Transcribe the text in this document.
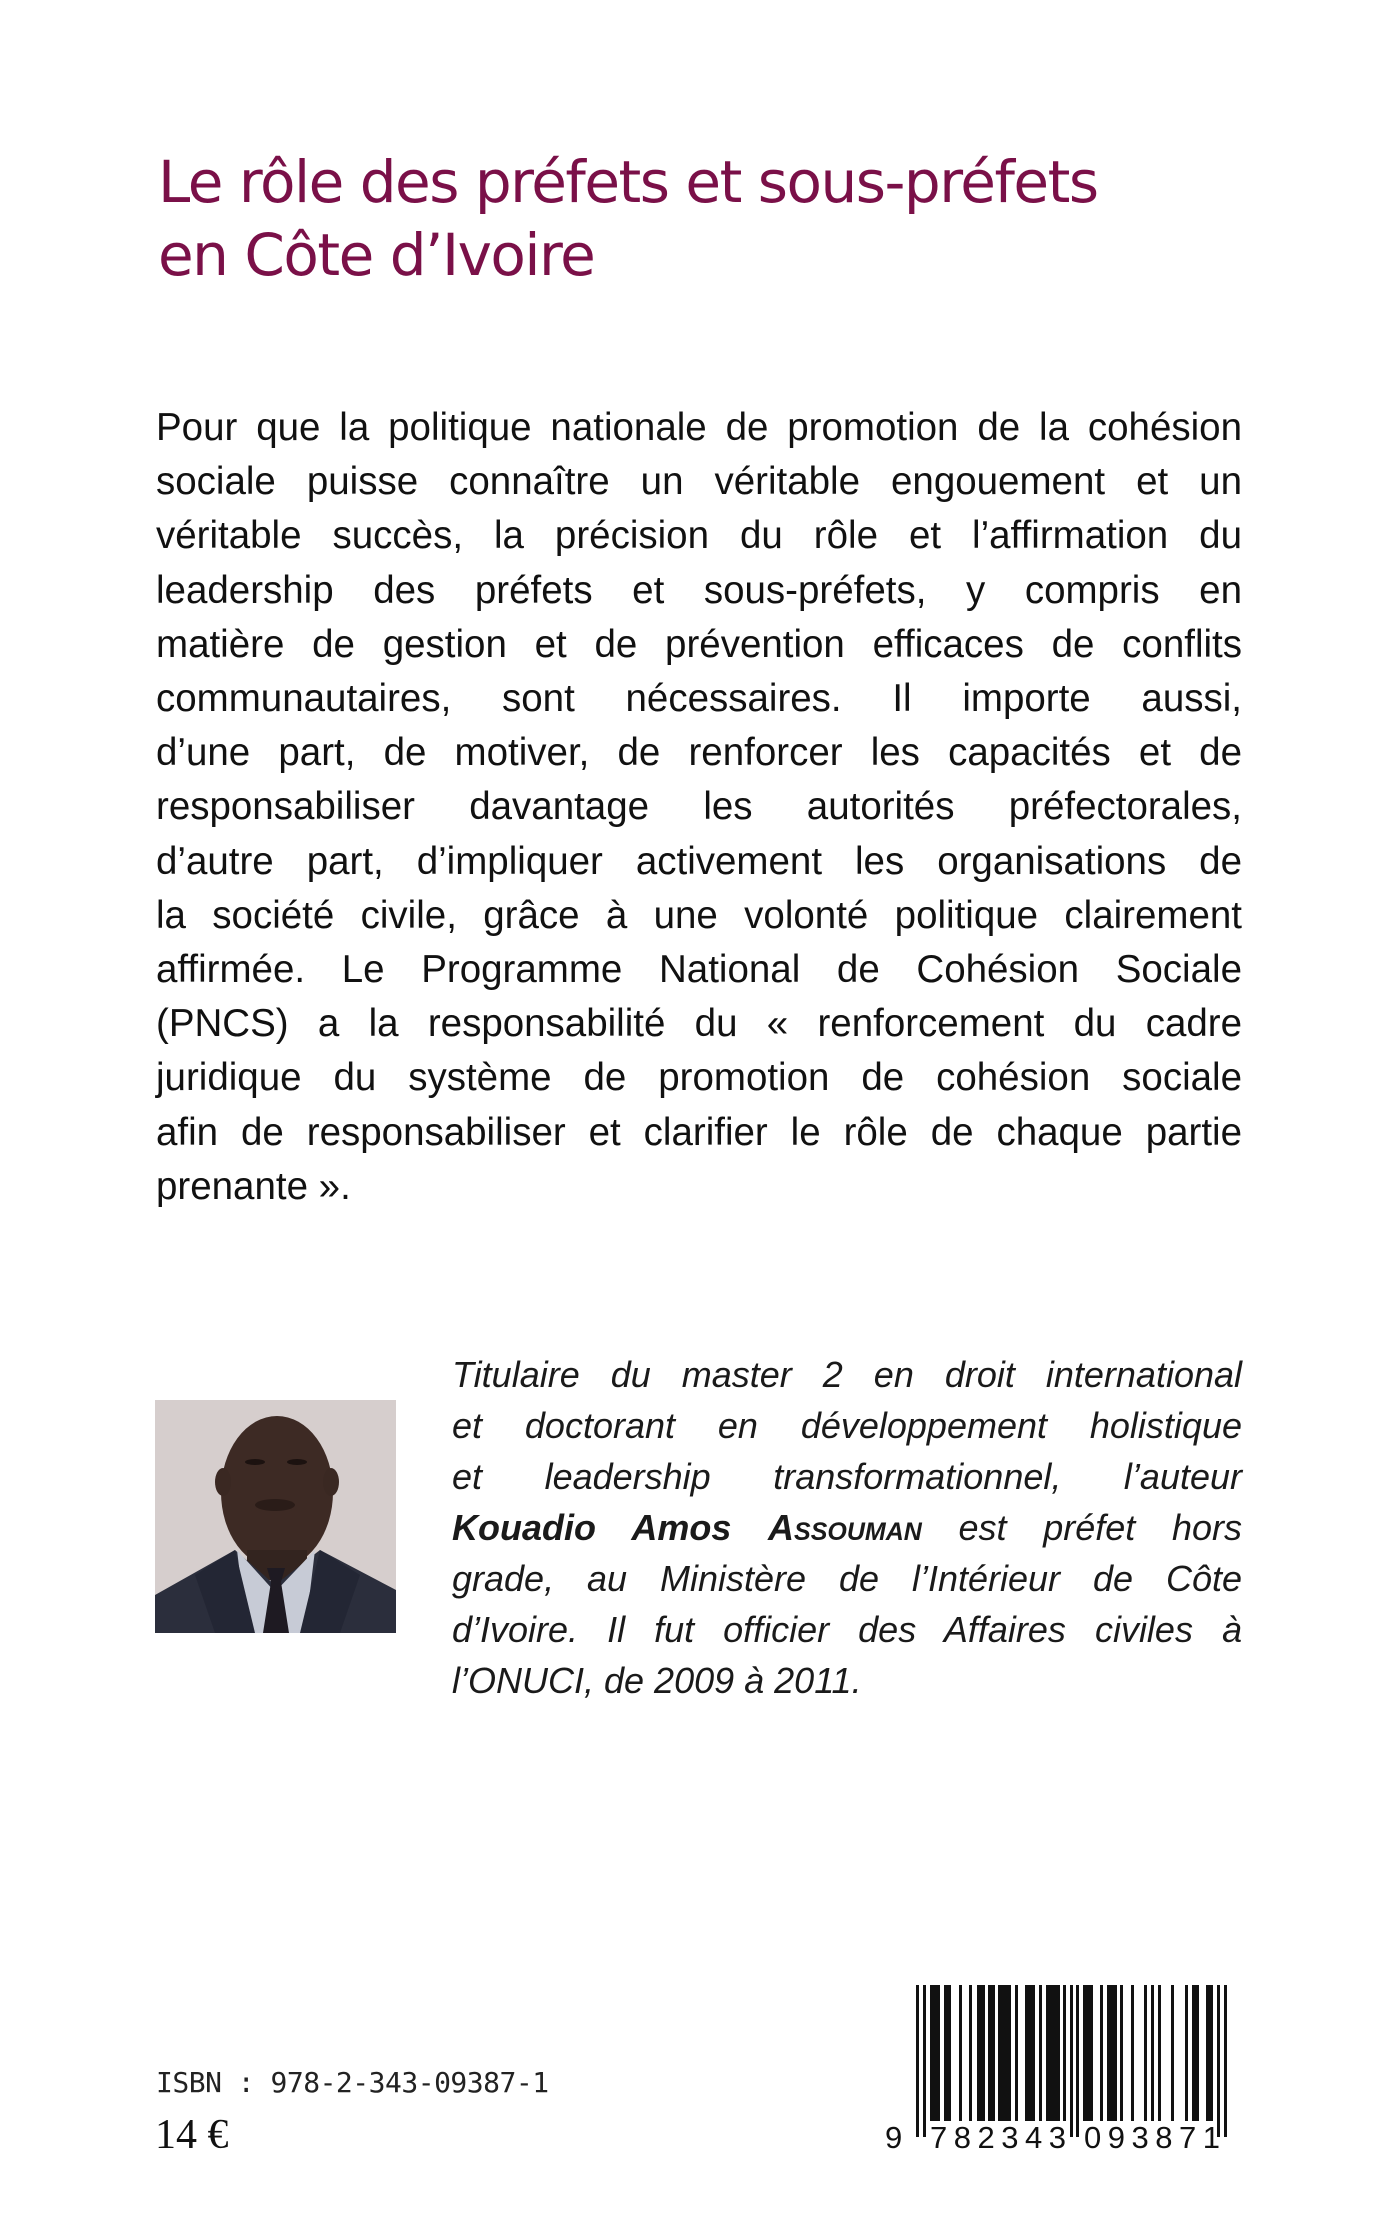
Le rôle des préfets et sous-préfets
en Côte d’Ivoire
Pour que la politique nationale de promotion de la cohésion
sociale puisse connaître un véritable engouement et un
véritable succès, la précision du rôle et l’affirmation du
leadership des préfets et sous-préfets, y compris en
matière de gestion et de prévention efficaces de conflits
communautaires, sont nécessaires. Il importe aussi,
d’une part, de motiver, de renforcer les capacités et de
responsabiliser davantage les autorités préfectorales,
d’autre part, d’impliquer activement les organisations de
la société civile, grâce à une volonté politique clairement
affirmée. Le Programme National de Cohésion Sociale
(PNCS) a la responsabilité du « renforcement du cadre
juridique du système de promotion de cohésion sociale
afin de responsabiliser et clarifier le rôle de chaque partie
prenante ».
Titulaire du master 2 en droit international
et doctorant en développement holistique
et leadership transformationnel, l’auteur
Kouadio Amos Assouman est préfet hors
grade, au Ministère de l’Intérieur de Côte
d’Ivoire. Il fut officier des Affaires civiles à
l’ONUCI, de 2009 à 2011.
ISBN : 978-2-343-09387-1
14 €	9 782343 093871
